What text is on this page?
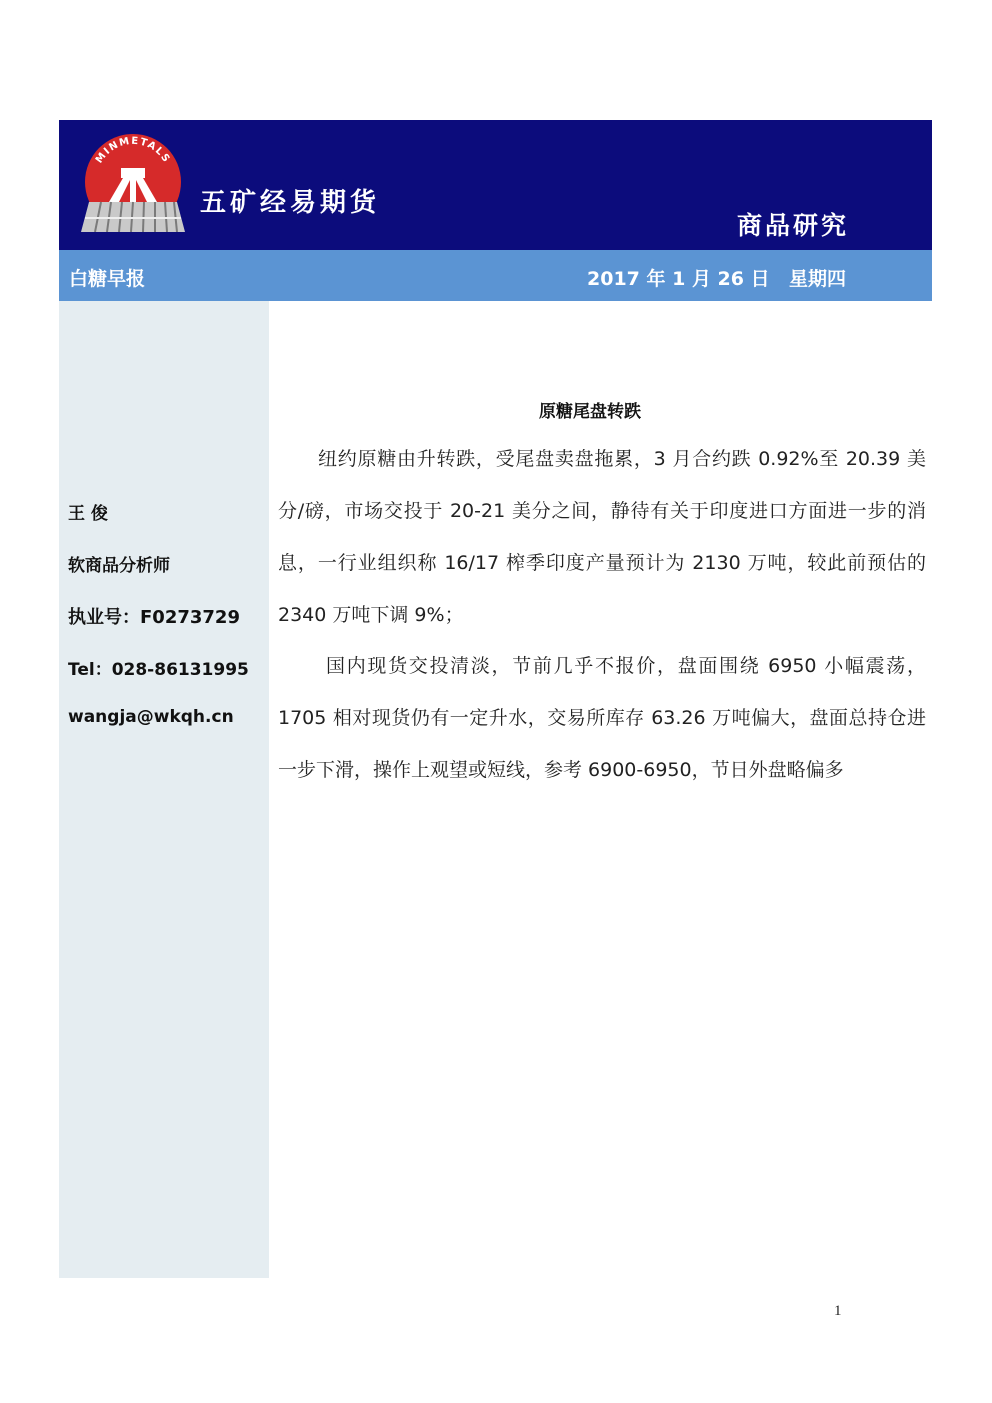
MINMETALS
五矿经易期货
商品研究
白糖早报	2017 年 1 月 26 日 星期四
王 俊
软商品分析师
执业号：F0273729
Tel：028-86131995
wangja@wkqh.cn
原糖尾盘转跌

纽约原糖由升转跌，受尾盘卖盘拖累，3 月合约跌 0.92%至 20.39 美分/磅，市场交投于 20-21 美分之间，静待有关于印度进口方面进一步的消息，一行业组织称 16/17 榨季印度产量预计为 2130 万吨，较此前预估的 2340 万吨下调 9%；

国内现货交投清淡，节前几乎不报价，盘面围绕 6950 小幅震荡，1705 相对现货仍有一定升水，交易所库存 63.26 万吨偏大，盘面总持仓进一步下滑，操作上观望或短线，参考 6900-6950，节日外盘略偏多

1
